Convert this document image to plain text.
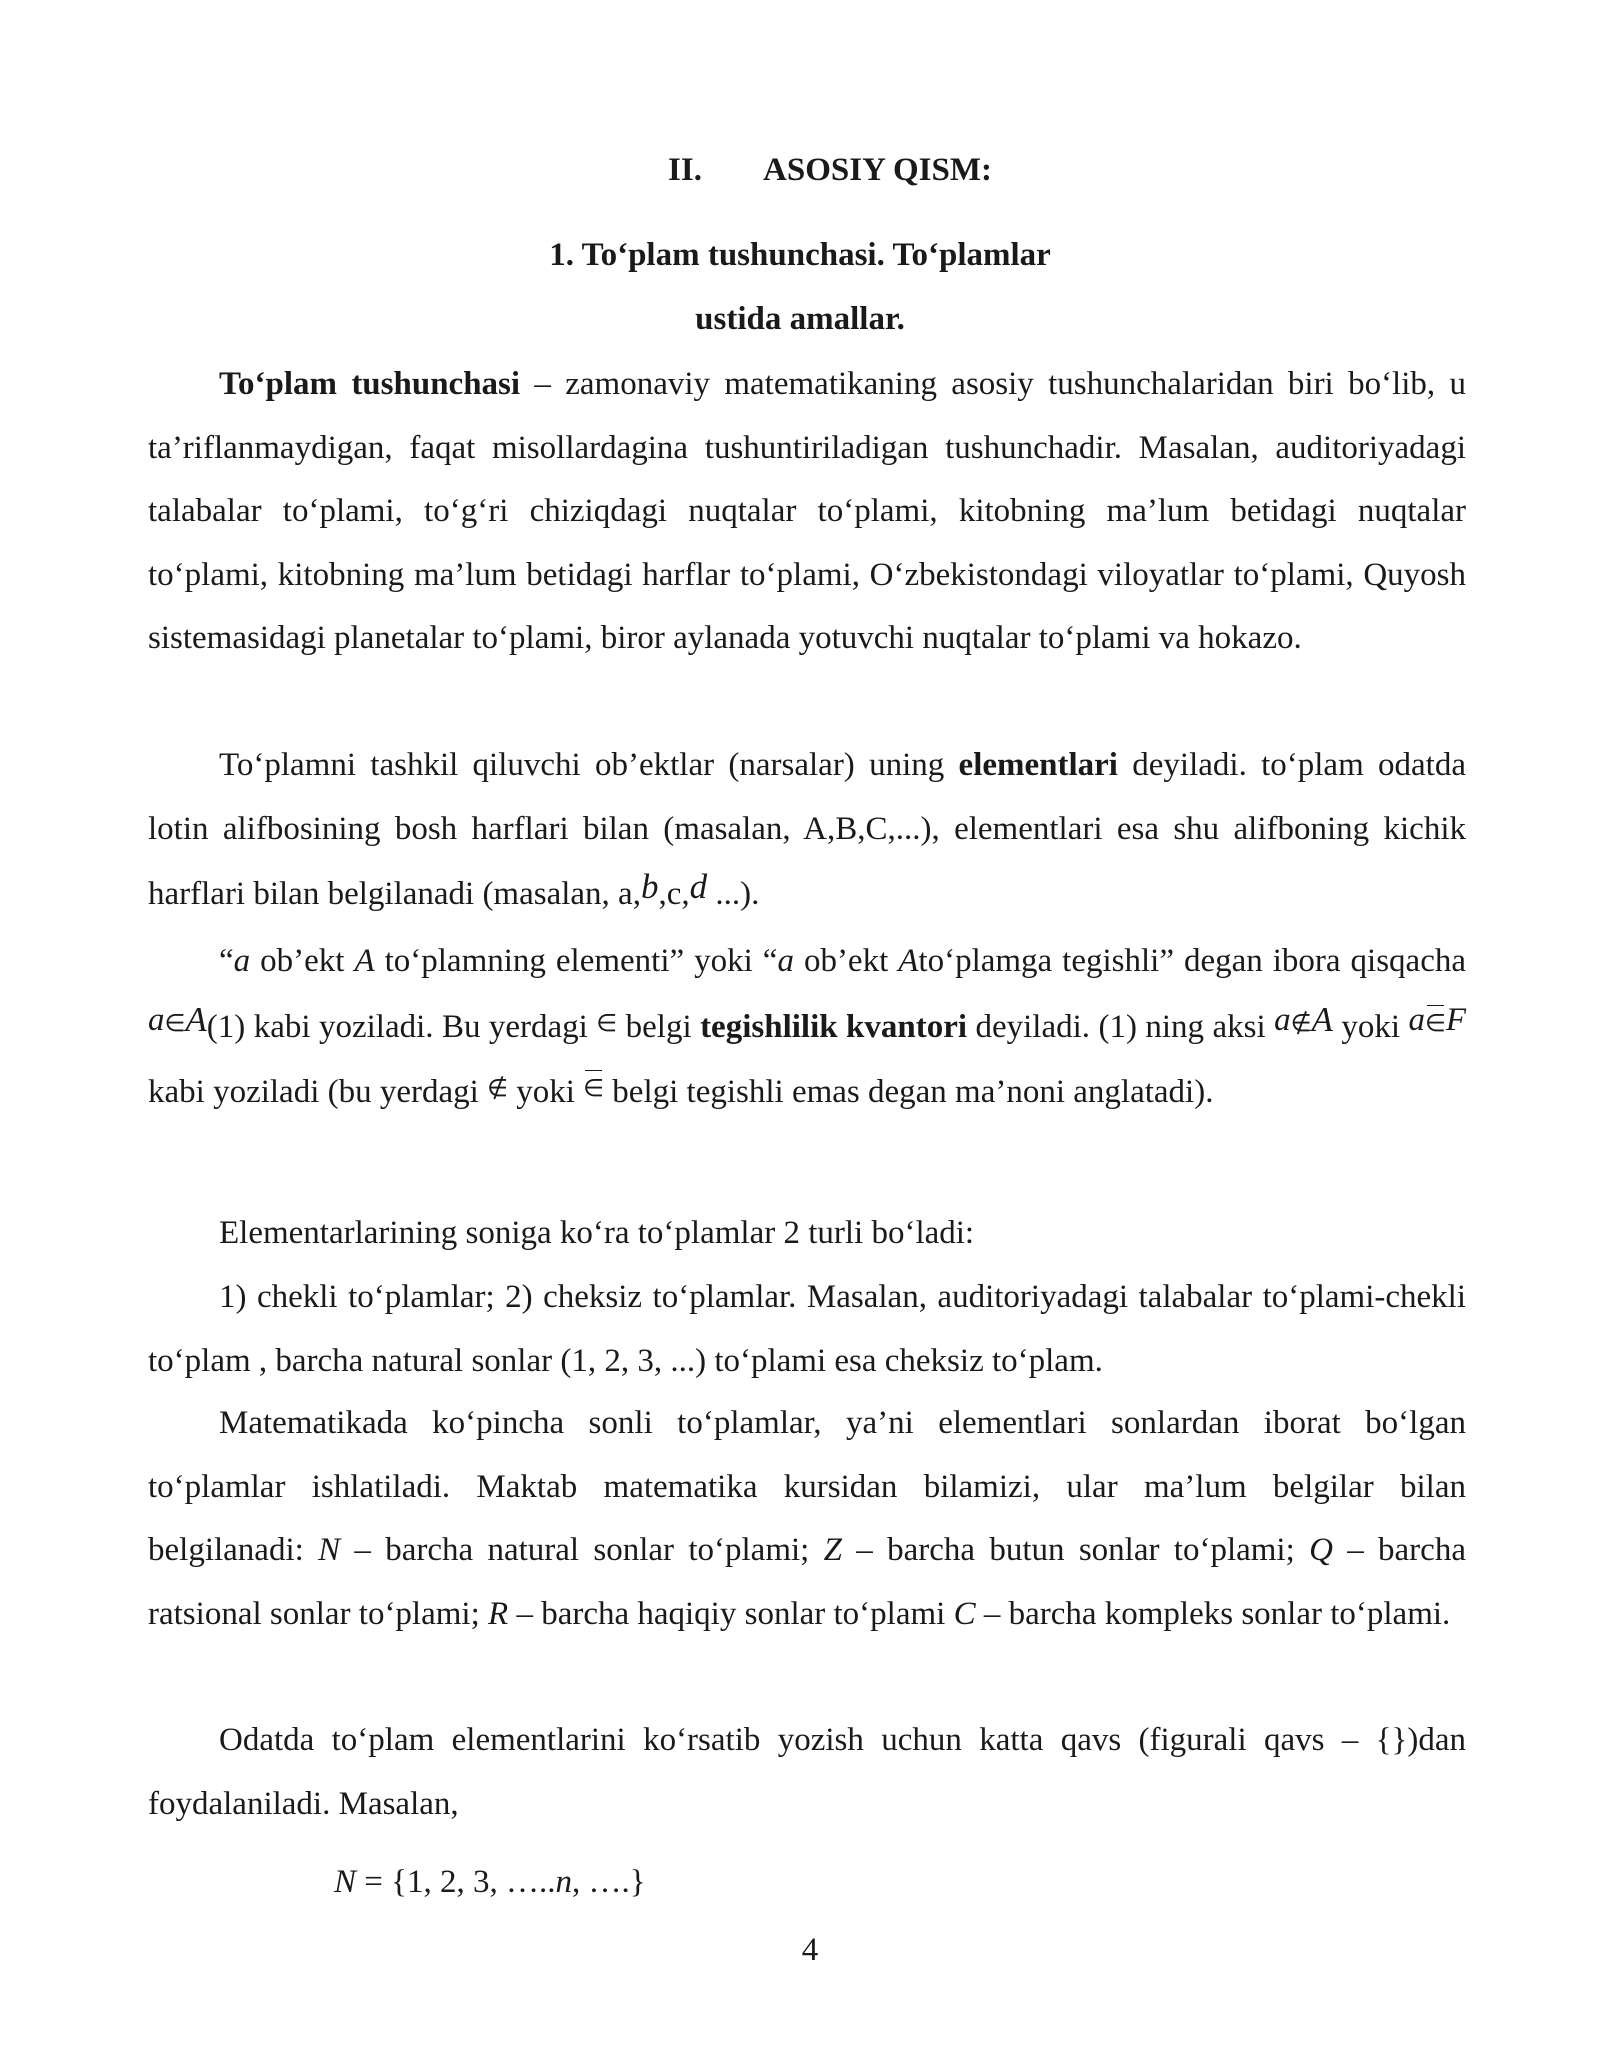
II. ASOSIY QISM:
1. To‘plam tushunchasi. To‘plamlar
ustida amallar.

To‘plam tushunchasi – zamonaviy matematikaning asosiy tushunchalaridan biri bo‘lib, u ta’riflanmaydigan, faqat misollardagina tushuntiriladigan tushunchadir. Masalan, auditoriyadagi talabalar to‘plami, to‘g‘ri chiziqdagi nuqtalar to‘plami, kitobning ma’lum betidagi nuqtalar to‘plami, kitobning ma’lum betidagi harflar to‘plami, O‘zbekistondagi viloyatlar to‘plami, Quyosh sistemasidagi planetalar to‘plami, biror aylanada yotuvchi nuqtalar to‘plami va hokazo.

To‘plamni tashkil qiluvchi ob’ektlar (narsalar) uning elementlari deyiladi. to‘plam odatda lotin alifbosining bosh harflari bilan (masalan, A,B,C,...), elementlari esa shu alifboning kichik harflari bilan belgilanadi (masalan, a,b,c,d ...).

“a ob’ekt A to‘plamning elementi” yoki “a ob’ekt Ato‘plamga tegishli” degan ibora qisqacha a∈A(1) kabi yoziladi. Bu yerdagi ∈ belgi tegishlilik kvantori deyiladi. (1) ning aksi a∉A yoki a∈F kabi yoziladi (bu yerdagi ∉ yoki ∈ belgi tegishli emas degan ma’noni anglatadi).

Elementarlarining soniga ko‘ra to‘plamlar 2 turli bo‘ladi:

1) chekli to‘plamlar; 2) cheksiz to‘plamlar. Masalan, auditoriyadagi talabalar to‘plami-chekli to‘plam , barcha natural sonlar (1, 2, 3, ...) to‘plami esa cheksiz to‘plam.

Matematikada ko‘pincha sonli to‘plamlar, ya’ni elementlari sonlardan iborat bo‘lgan to‘plamlar ishlatiladi. Maktab matematika kursidan bilamizi, ular ma’lum belgilar bilan belgilanadi: N – barcha natural sonlar to‘plami; Z – barcha butun sonlar to‘plami; Q – barcha ratsional sonlar to‘plami; R – barcha haqiqiy sonlar to‘plami C – barcha kompleks sonlar to‘plami.

Odatda to‘plam elementlarini ko‘rsatib yozish uchun katta qavs (figurali qavs – {})dan foydalaniladi. Masalan,

N = {1, 2, 3, …..n, ….}
4
